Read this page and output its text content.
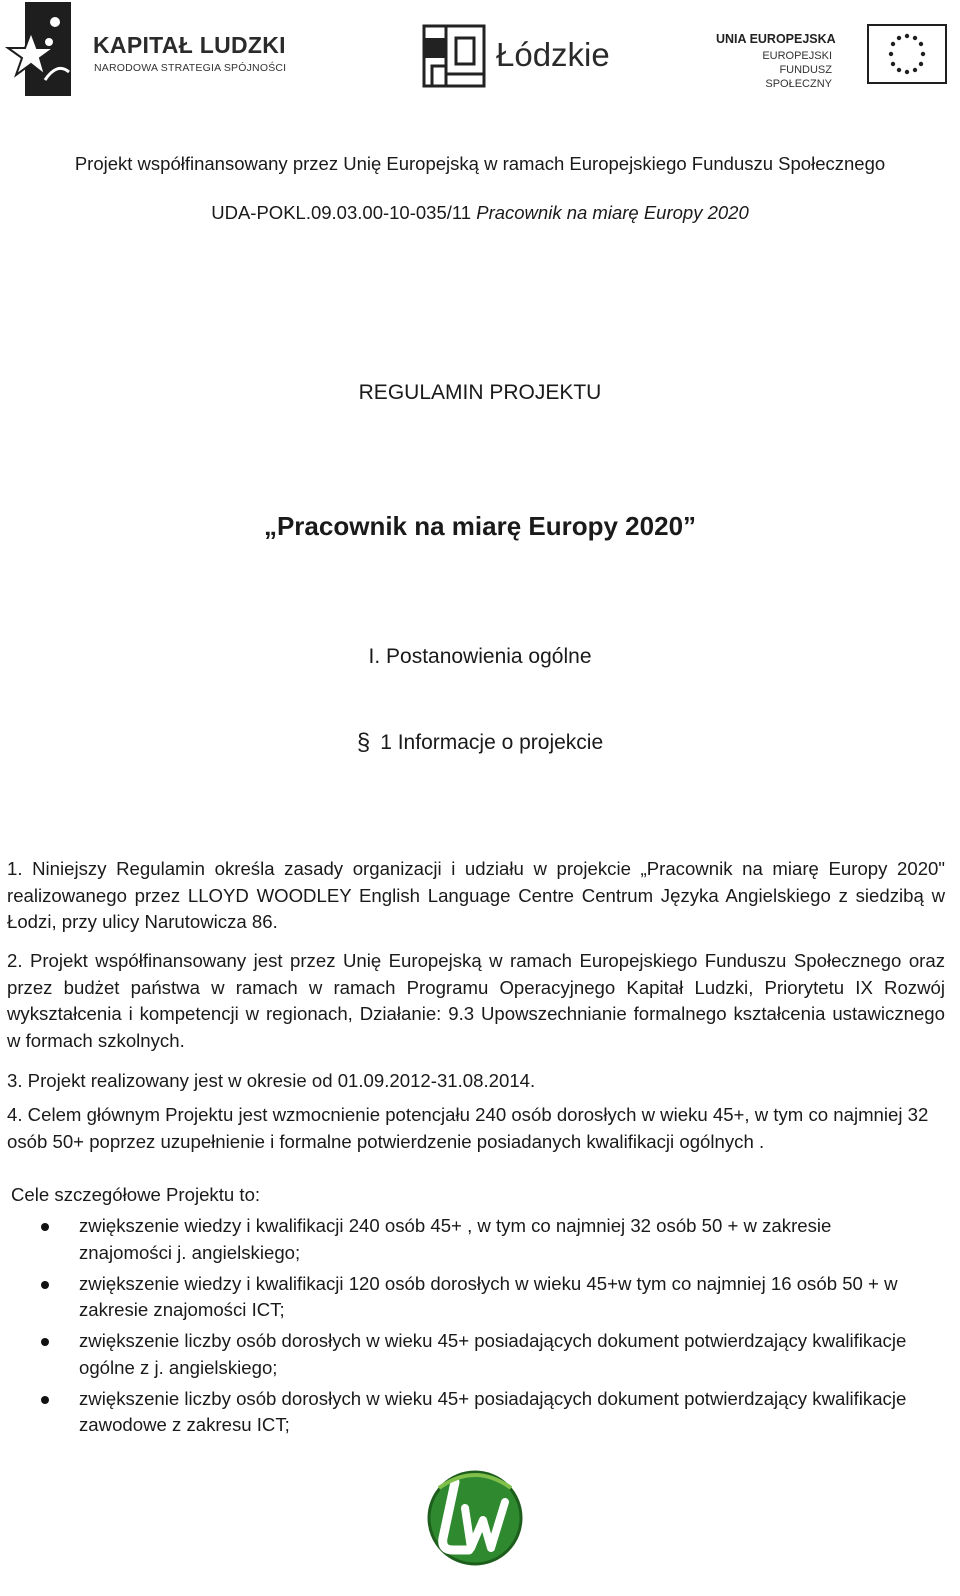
KAPITAŁ LUDZKI
NARODOWA STRATEGIA SPÓJNOŚCI	Łódzkie	UNIA EUROPEJSKA
EUROPEJSKI
FUNDUSZ SPOŁECZNY
Projekt współfinansowany przez Unię Europejską w ramach Europejskiego Funduszu Społecznego
UDA-POKL.09.03.00-10-035/11 Pracownik na miarę Europy 2020
REGULAMIN PROJEKTU
„Pracownik na miarę Europy 2020”
I. Postanowienia ogólne
§ 1 Informacje o projekcie
1. Niniejszy Regulamin określa zasady organizacji i udziału w projekcie „Pracownik na miarę Europy 2020" realizowanego przez LLOYD WOODLEY English Language Centre Centrum Języka Angielskiego z siedzibą w Łodzi, przy ulicy Narutowicza 86.
2. Projekt współfinansowany jest przez Unię Europejską w ramach Europejskiego Funduszu Społecznego oraz przez budżet państwa w ramach w ramach Programu Operacyjnego Kapitał Ludzki, Priorytetu IX Rozwój wykształcenia i kompetencji w regionach, Działanie: 9.3 Upowszechnianie formalnego kształcenia ustawicznego w formach szkolnych.
3. Projekt realizowany jest w okresie od 01.09.2012-31.08.2014.
4. Celem głównym Projektu jest wzmocnienie potencjału 240 osób dorosłych w wieku 45+, w tym co najmniej 32 osób 50+ poprzez uzupełnienie i formalne potwierdzenie posiadanych kwalifikacji ogólnych .
Cele szczegółowe Projektu to:
zwiększenie wiedzy i kwalifikacji 240 osób 45+ , w tym co najmniej 32 osób 50 + w zakresie znajomości j. angielskiego;
zwiększenie wiedzy i kwalifikacji 120 osób dorosłych w wieku 45+w tym co najmniej 16 osób 50 + w zakresie znajomości ICT;
zwiększenie liczby osób dorosłych w wieku 45+ posiadających dokument potwierdzający kwalifikacje ogólne z j. angielskiego;
zwiększenie liczby osób dorosłych w wieku 45+ posiadających dokument potwierdzający kwalifikacje zawodowe z zakresu ICT;
